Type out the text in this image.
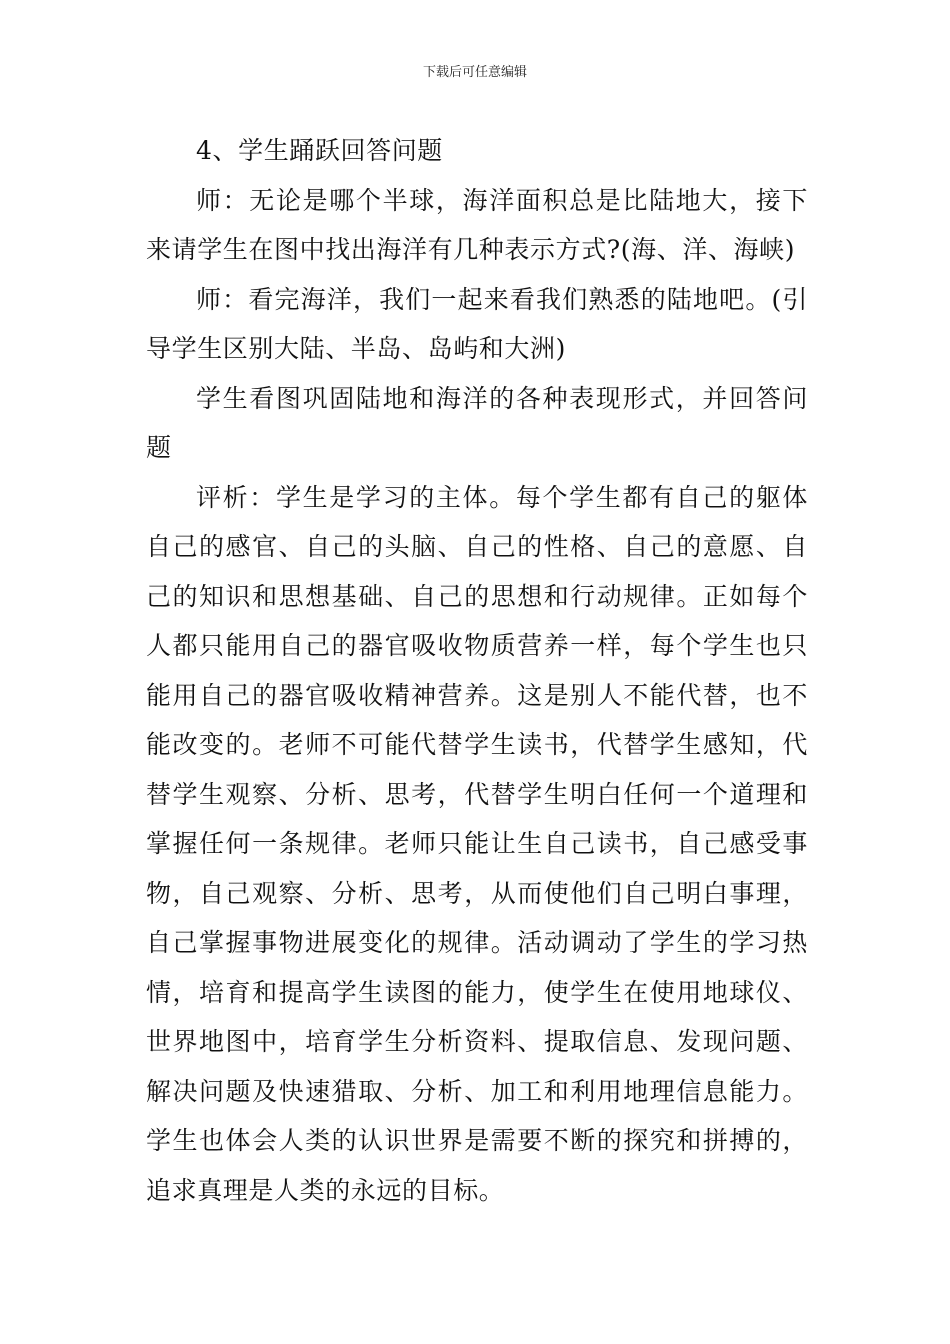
下载后可任意编辑

4、学生踊跃回答问题

师：无论是哪个半球，海洋面积总是比陆地大，接下来请学生在图中找出海洋有几种表示方式?(海、洋、海峡)

师：看完海洋，我们一起来看我们熟悉的陆地吧。(引导学生区别大陆、半岛、岛屿和大洲)

学生看图巩固陆地和海洋的各种表现形式，并回答问题

评析：学生是学习的主体。每个学生都有自己的躯体自己的感官、自己的头脑、自己的性格、自己的意愿、自己的知识和思想基础、自己的思想和行动规律。正如每个人都只能用自己的器官吸收物质营养一样，每个学生也只能用自己的器官吸收精神营养。这是别人不能代替，也不能改变的。老师不可能代替学生读书，代替学生感知，代替学生观察、分析、思考，代替学生明白任何一个道理和掌握任何一条规律。老师只能让生自己读书，自己感受事物，自己观察、分析、思考，从而使他们自己明白事理，自己掌握事物进展变化的规律。活动调动了学生的学习热情，培育和提高学生读图的能力，使学生在使用地球仪、世界地图中，培育学生分析资料、提取信息、发现问题、解决问题及快速猎取、分析、加工和利用地理信息能力。学生也体会人类的认识世界是需要不断的探究和拼搏的，追求真理是人类的永远的目标。
